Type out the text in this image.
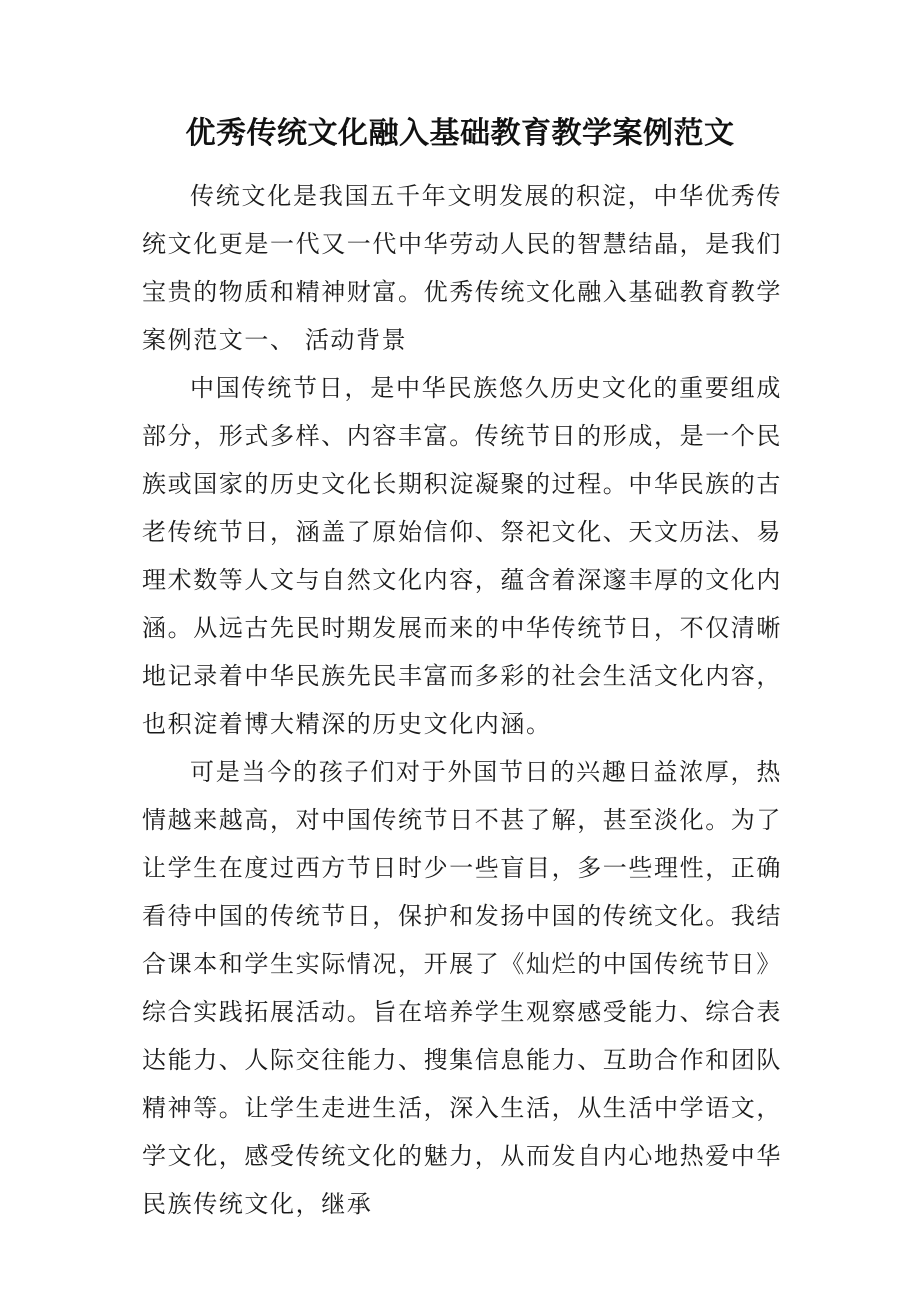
优秀传统文化融入基础教育教学案例范文

传统文化是我国五千年文明发展的积淀，中华优秀传统文化更是一代又一代中华劳动人民的智慧结晶，是我们宝贵的物质和精神财富。优秀传统文化融入基础教育教学案例范文一、 活动背景

中国传统节日，是中华民族悠久历史文化的重要组成部分，形式多样、内容丰富。传统节日的形成，是一个民族或国家的历史文化长期积淀凝聚的过程。中华民族的古老传统节日，涵盖了原始信仰、祭祀文化、天文历法、易理术数等人文与自然文化内容，蕴含着深邃丰厚的文化内涵。从远古先民时期发展而来的中华传统节日，不仅清晰地记录着中华民族先民丰富而多彩的社会生活文化内容，也积淀着博大精深的历史文化内涵。

可是当今的孩子们对于外国节日的兴趣日益浓厚，热情越来越高，对中国传统节日不甚了解，甚至淡化。为了让学生在度过西方节日时少一些盲目，多一些理性，正确看待中国的传统节日，保护和发扬中国的传统文化。我结合课本和学生实际情况，开展了《灿烂的中国传统节日》综合实践拓展活动。旨在培养学生观察感受能力、综合表达能力、人际交往能力、搜集信息能力、互助合作和团队精神等。让学生走进生活，深入生活，从生活中学语文，学文化，感受传统文化的魅力，从而发自内心地热爱中华民族传统文化，继承
